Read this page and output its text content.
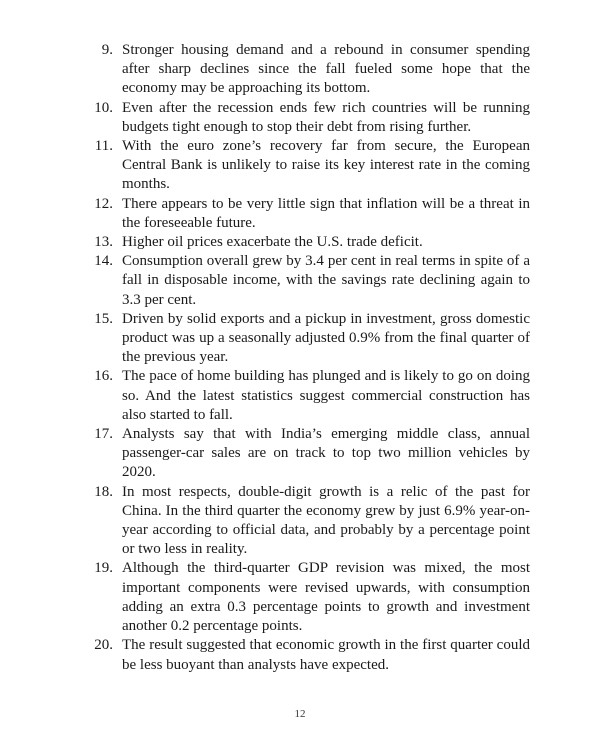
9. Stronger housing demand and a rebound in consumer spending after sharp declines since the fall fueled some hope that the economy may be approaching its bottom.
10. Even after the recession ends few rich countries will be running budgets tight enough to stop their debt from rising further.
11. With the euro zone’s recovery far from secure, the European Central Bank is unlikely to raise its key interest rate in the coming months.
12. There appears to be very little sign that inflation will be a threat in the foreseeable future.
13. Higher oil prices exacerbate the U.S. trade deficit.
14. Consumption overall grew by 3.4 per cent in real terms in spite of a fall in disposable income, with the savings rate declining again to 3.3 per cent.
15. Driven by solid exports and a pickup in investment, gross domestic product was up a seasonally adjusted 0.9% from the final quarter of the previous year.
16. The pace of home building has plunged and is likely to go on doing so. And the latest statistics suggest commercial construction has also started to fall.
17. Analysts say that with India’s emerging middle class, annual passenger-car sales are on track to top two million vehicles by 2020.
18. In most respects, double-digit growth is a relic of the past for China. In the third quarter the economy grew by just 6.9% year-on-year according to official data, and probably by a percentage point or two less in reality.
19. Although the third-quarter GDP revision was mixed, the most important components were revised upwards, with consumption adding an extra 0.3 percentage points to growth and investment another 0.2 percentage points.
20. The result suggested that economic growth in the first quarter could be less buoyant than analysts have expected.
12
